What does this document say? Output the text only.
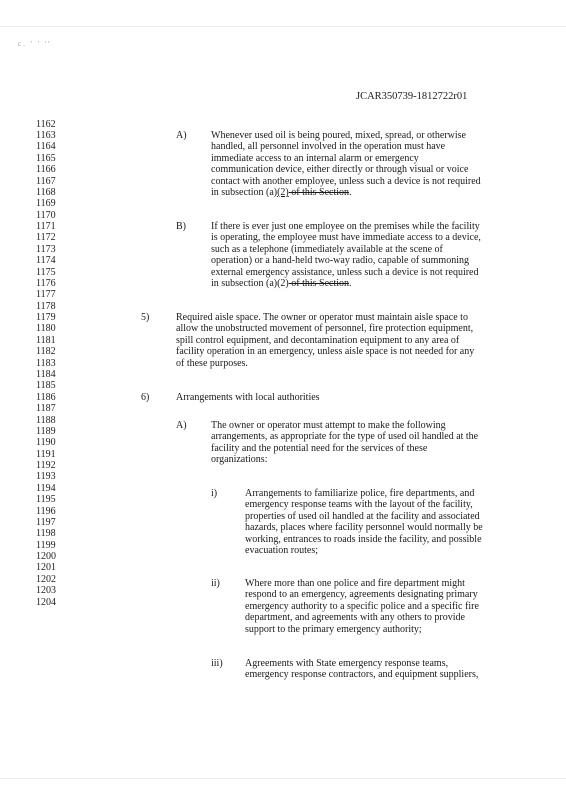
c. ' ' ''
JCAR350739-1812722r01
1162
1163
1164
1165
1166
1167
1168
1169
1170
1171
1172
1173
1174
1175
1176
1177
1178
1179
1180
1181
1182
1183
1184
1185
1186
1187
1188
1189
1190
1191
1192
1193
1194
1195
1196
1197
1198
1199
1200
1201
1202
1203
1204
A) Whenever used oil is being poured, mixed, spread, or otherwise
handled, all personnel involved in the operation must have
immediate access to an internal alarm or emergency
communication device, either directly or through visual or voice
contact with another employee, unless such a device is not required
in subsection (a)(2) of this Section.
B)	If there is ever just one employee on the premises while the facility
is operating, the employee must have immediate access to a device,
such as a telephone (immediately available at the scene of
operation) or a hand-held two-way radio, capable of summoning
external emergency assistance, unless such a device is not required
in subsection (a)(2) of this Section.
5)	Required aisle space. The owner or operator must maintain aisle space to
allow the unobstructed movement of personnel, fire protection equipment,
spill control equipment, and decontamination equipment to any area of
facility operation in an emergency, unless aisle space is not needed for any
of these purposes.
6)	Arrangements with local authorities
A) The owner or operator must attempt to make the following
arrangements, as appropriate for the type of used oil handled at the
facility and the potential need for the services of these
organizations:
i)	Arrangements to familiarize police, fire departments, and
emergency response teams with the layout of the facility,
properties of used oil handled at the facility and associated
hazards, places where facility personnel would normally be
working, entrances to roads inside the facility, and possible
evacuation routes;
ii)	Where more than one police and fire department might
respond to an emergency, agreements designating primary
emergency authority to a specific police and a specific fire
department, and agreements with any others to provide
support to the primary emergency authority;
iii) Agreements with State emergency response teams,
emergency response contractors, and equipment suppliers,
